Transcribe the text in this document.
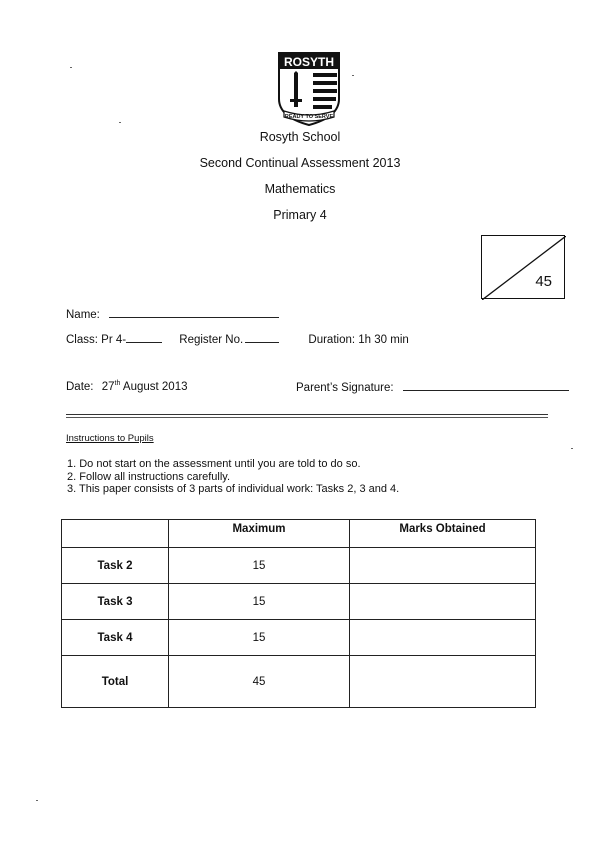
ROSYTH
READY TO SERVE
Rosyth School
Second Continual Assessment 2013
Mathematics
Primary 4
45
Name:
Class: Pr 4-	Register No.	Duration: 1h 30 min
Date: 27th August 2013	Parent’s Signature:
Instructions to Pupils
1. Do not start on the assessment until you are told to do so.
2. Follow all instructions carefully.
3. This paper consists of 3 parts of individual work: Tasks 2, 3 and 4.
	Maximum	Marks Obtained
Task 2	15	
Task 3	15	
Task 4	15	
Total	45	
